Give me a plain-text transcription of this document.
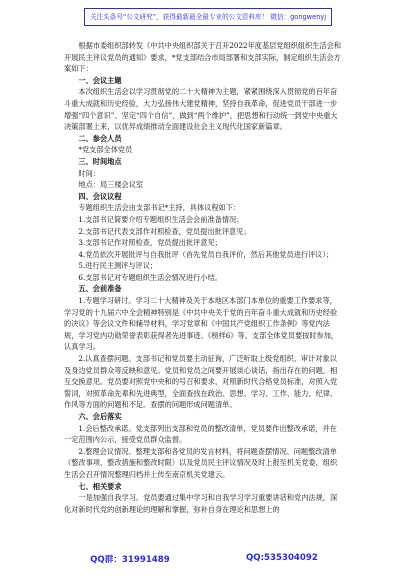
关注头条号“公文研究”，获得最新最全最专业的公文资料库！ 微信：gongwenyj

根据市委组织部转发《中共中央组织部关于召开2022年度基层党组织组织生活会和开展民主评议党员的通知》要求，*党支部结合市局部署和支部实际，制定组织生活会方案如下：

一、会议主题

本次组织生活会以学习贯彻党的二十大精神为主题，紧紧围绕深入贯彻党的百年奋斗重大成就和历史经验，大力弘扬伟大建党精神，坚持自我革命，促进党员干部进一步增强“四个意识”、坚定“四个自信”、做到“两个维护”，把思想和行动统一到党中央重大决策部署上来，以优异成绩推动全面建设社会主义现代化国家新篇章。

二、参会人员

*党支部全体党员

三、时间地点

时间：

地点：局三楼会议室

四、会议议程

专题组织生活会由支部书记*主持，具体议程如下：

1.支部书记简要介绍专题组织生活会会前准备情况；

2.支部书记代表支部作对照检查，党员提出批评意见；

3.支部书记作对照检查，党员提出批评意见；

4.党员依次开展批评与自我批评（首先党员自我评价，然后其他党员进行评议）；

5.进行民主测评与评议；

6.支部书记对专题组织生活会情况进行小结。

五、会前准备

1.专题学习研讨。学习二十大精神及关于本地区本部门本单位的重要工作要求等，学习党的十九届六中全会精神特别是《中共中央关于党的百年奋斗重大成就和历史经验的决议》等会议文件和辅导材料，学习党章和《中国共产党组织工作条例》等党内法规，学习党内功勋荣誉表彰获得者先进事迹、《榜样6》等。支部全体党员要按时参加，认真学习。

2.认真查摆问题。支部书记和党员要主动征询，广泛听取上级党组织、审计对象以及身边党员群众等反映和意见。党员和党员之间要开展谈心谈话，指出存在的问题，相互交换意见。党员要对照党中央和的号召和要求，对照新时代合格党员标准，对照入党誓词，对照革命先辈和先进典型，全面查找在政治、思想、学习、工作、能力、纪律、作风等方面的问题和不足。查摆的问题形成问题清单。

六、会后落实

1.会后整改承诺。党支部列出支部和党员的整改清单，党员要作出整改承诺，并在一定范围内公示，接受党员群众监督。

2.整理会议情况。整理支部和各党员的发言材料，将问题查摆情况、问题整改清单（整改事项、整改措施和整改时限）以及党员民主评议情况及时上报至机关党委，组织生活会召开情况整理归档并上传至南京机关党建云。

七、相关要求

一是加强自我学习。党员要通过集中学习和自我学习学习重要讲话和党内法规，深化对新时代党的创新理论的理解和掌握，弥补自身在理论和思想上的

QQ群：31991489	QQ:535304092
